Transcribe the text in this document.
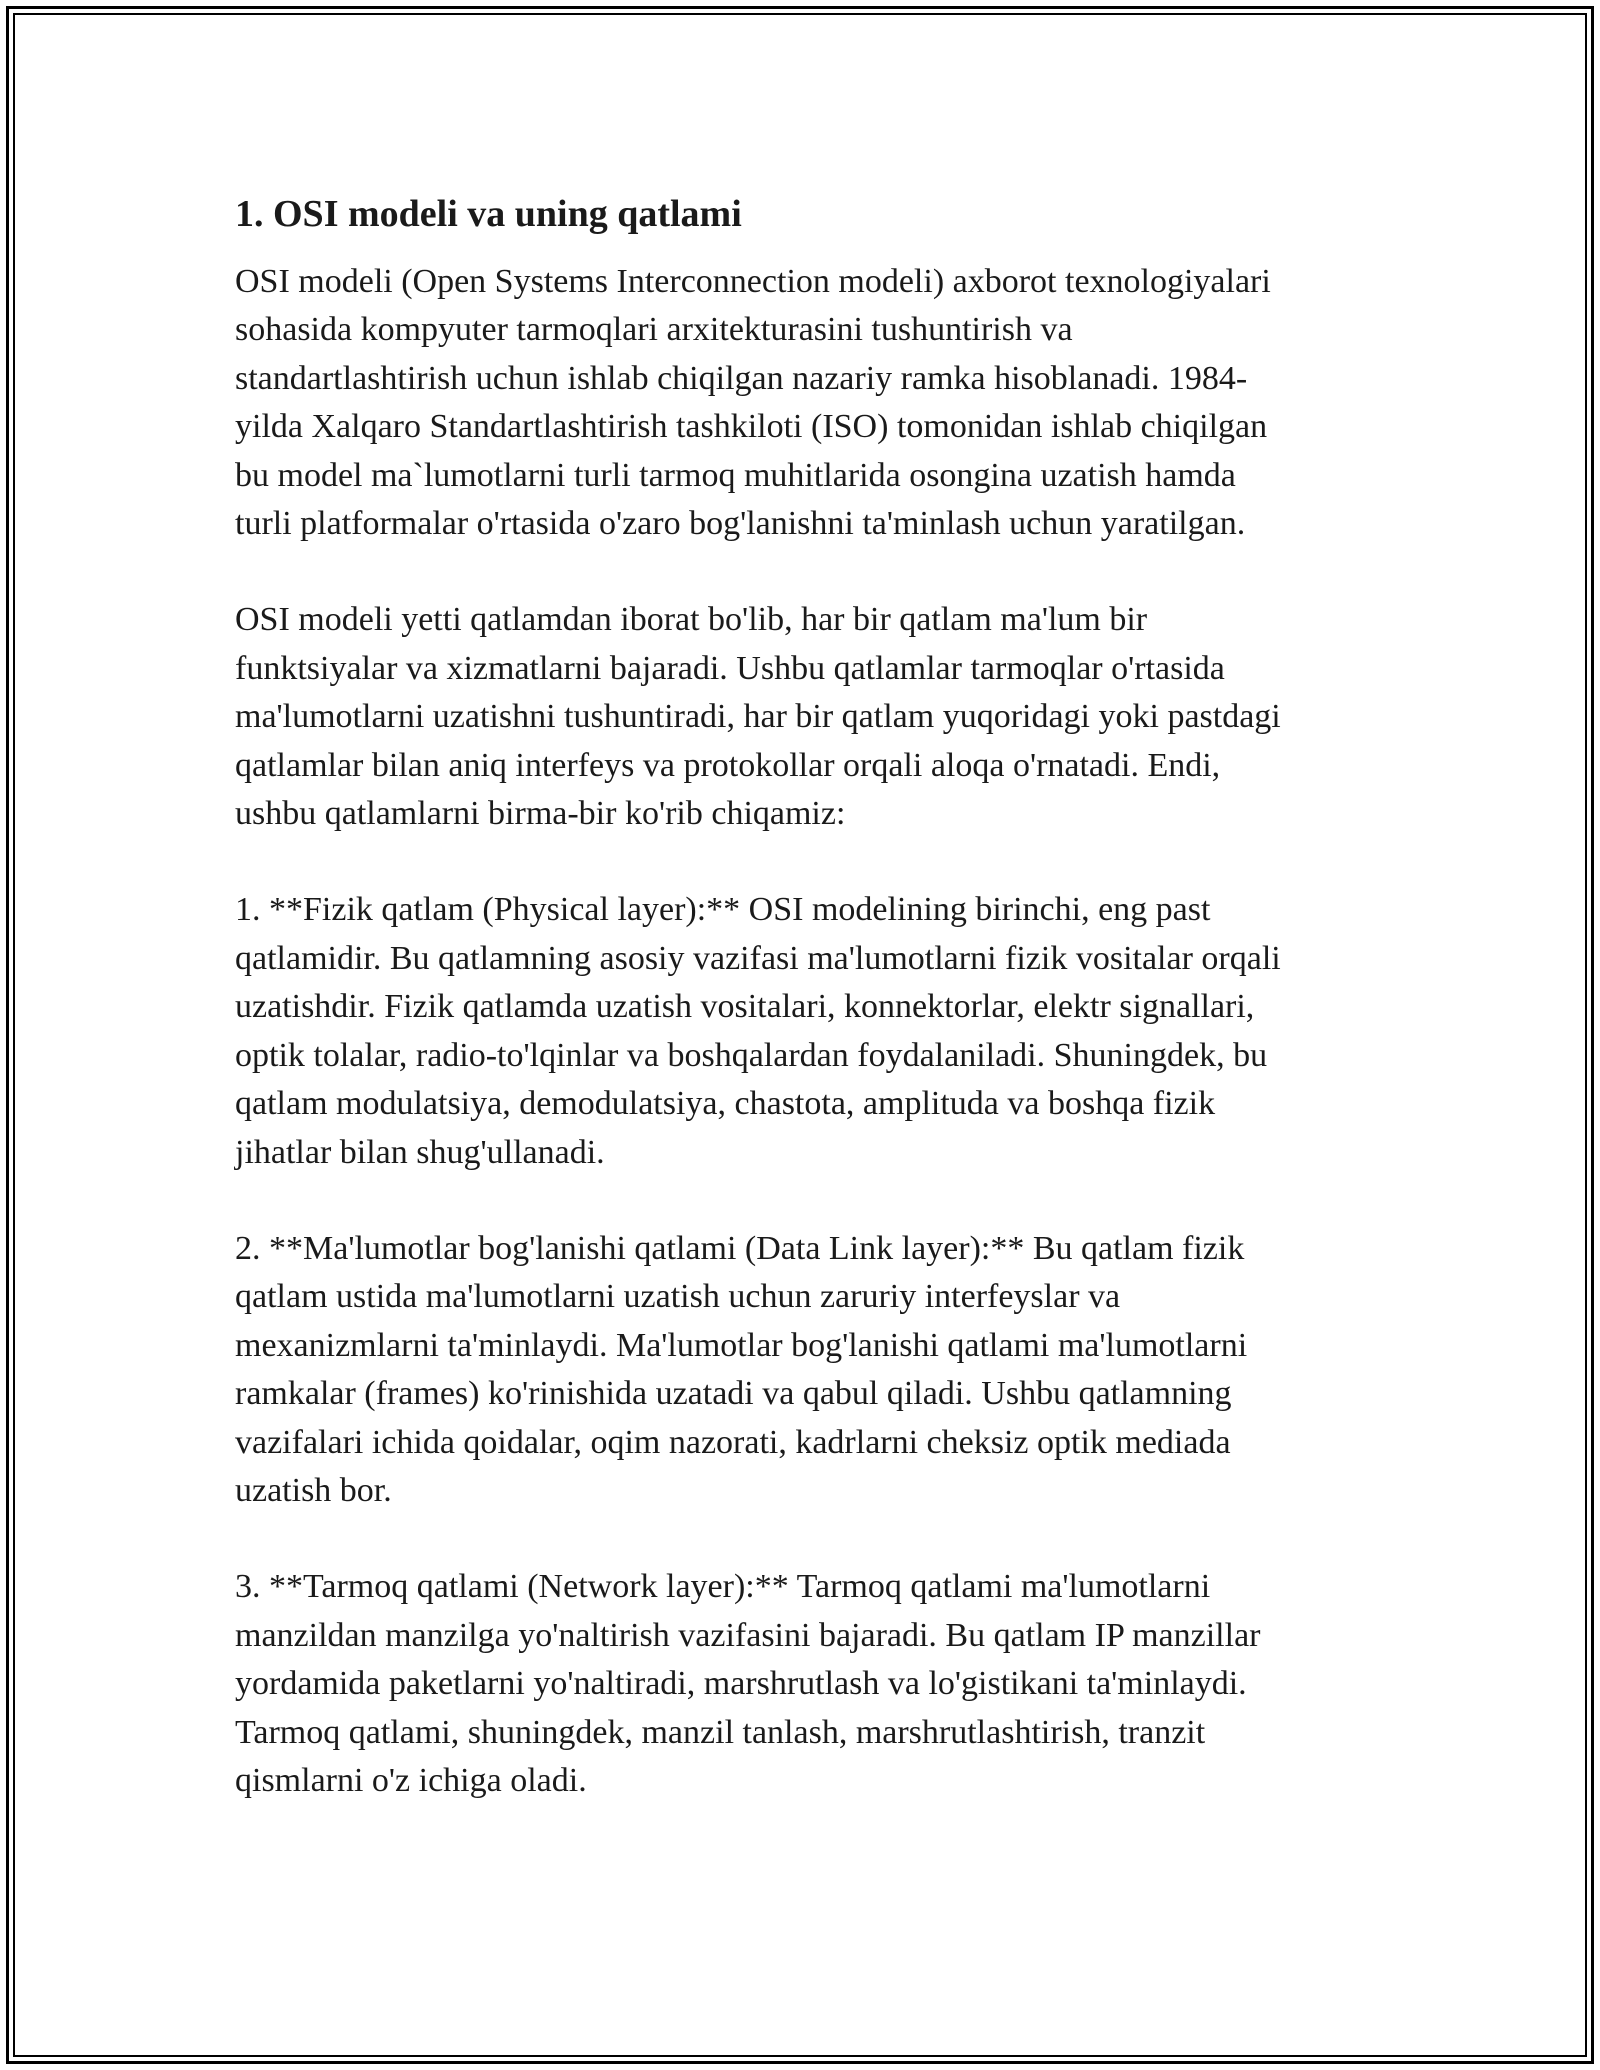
1. OSI modeli va uning qatlami

OSI modeli (Open Systems Interconnection modeli) axborot texnologiyalari
sohasida kompyuter tarmoqlari arxitekturasini tushuntirish va
standartlashtirish uchun ishlab chiqilgan nazariy ramka hisoblanadi. 1984-
yilda Xalqaro Standartlashtirish tashkiloti (ISO) tomonidan ishlab chiqilgan
bu model ma`lumotlarni turli tarmoq muhitlarida osongina uzatish hamda
turli platformalar o'rtasida o'zaro bog'lanishni ta'minlash uchun yaratilgan.

OSI modeli yetti qatlamdan iborat bo'lib, har bir qatlam ma'lum bir
funktsiyalar va xizmatlarni bajaradi. Ushbu qatlamlar tarmoqlar o'rtasida
ma'lumotlarni uzatishni tushuntiradi, har bir qatlam yuqoridagi yoki pastdagi
qatlamlar bilan aniq interfeys va protokollar orqali aloqa o'rnatadi. Endi,
ushbu qatlamlarni birma-bir ko'rib chiqamiz:

1. **Fizik qatlam (Physical layer):** OSI modelining birinchi, eng past
qatlamidir. Bu qatlamning asosiy vazifasi ma'lumotlarni fizik vositalar orqali
uzatishdir. Fizik qatlamda uzatish vositalari, konnektorlar, elektr signallari,
optik tolalar, radio-to'lqinlar va boshqalardan foydalaniladi. Shuningdek, bu
qatlam modulatsiya, demodulatsiya, chastota, amplituda va boshqa fizik
jihatlar bilan shug'ullanadi.

2. **Ma'lumotlar bog'lanishi qatlami (Data Link layer):** Bu qatlam fizik
qatlam ustida ma'lumotlarni uzatish uchun zaruriy interfeyslar va
mexanizmlarni ta'minlaydi. Ma'lumotlar bog'lanishi qatlami ma'lumotlarni
ramkalar (frames) ko'rinishida uzatadi va qabul qiladi. Ushbu qatlamning
vazifalari ichida qoidalar, oqim nazorati, kadrlarni cheksiz optik mediada
uzatish bor.

3. **Tarmoq qatlami (Network layer):** Tarmoq qatlami ma'lumotlarni
manzildan manzilga yo'naltirish vazifasini bajaradi. Bu qatlam IP manzillar
yordamida paketlarni yo'naltiradi, marshrutlash va lo'gistikani ta'minlaydi.
Tarmoq qatlami, shuningdek, manzil tanlash, marshrutlashtirish, tranzit
qismlarni o'z ichiga oladi.
